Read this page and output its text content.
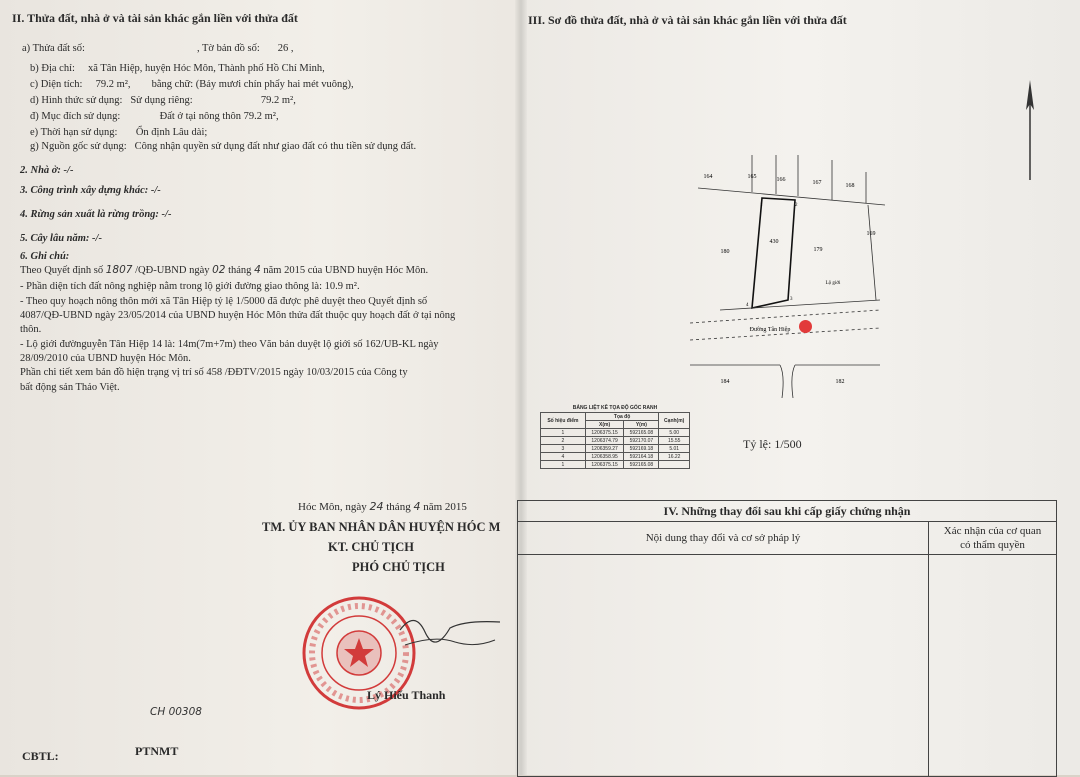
II. Thửa đất, nhà ở và tài sản khác gắn liền với thửa đất
a) Thửa đất số:	, Tờ bản đồ số: 26 ,
b) Địa chỉ: xã Tân Hiệp, huyện Hóc Môn, Thành phố Hồ Chí Minh,
c) Diện tích: 79.2 m², bằng chữ: (Bảy mươi chín phẩy hai mét vuông),
d) Hình thức sử dụng: Sử dụng riêng:	79.2 m²,
đ) Mục đích sử dụng:	Đất ở tại nông thôn 79.2 m²,
e) Thời hạn sử dụng: Ổn định Lâu dài;
g) Nguồn gốc sử dụng: Công nhận quyền sử dụng đất như giao đất có thu tiền sử dụng đất.
2. Nhà ở: -/-
3. Công trình xây dựng khác: -/-
4. Rừng sản xuất là rừng trồng: -/-
5. Cây lâu năm: -/-
6. Ghi chú:
Theo Quyết định số 1807 /QĐ-UBND ngày 02 tháng 4 năm 2015 của UBND huyện Hóc Môn.
- Phần diện tích đất nông nghiệp nằm trong lộ giới đường giao thông là: 10.9 m².
- Theo quy hoạch nông thôn mới xã Tân Hiệp tỷ lệ 1/5000 đã được phê duyệt theo Quyết định số
4087/QĐ-UBND ngày 23/05/2014 của UBND huyện Hóc Môn thửa đất thuộc quy hoạch đất ở tại nông
thôn.
- Lộ giới đườnguyễn Tân Hiệp 14 là: 14m(7m+7m) theo Văn bản duyệt lộ giới số 162/UB-KL ngày
28/09/2010 của UBND huyện Hóc Môn.
Phần chi tiết xem bản đồ hiện trạng vị trí số 458 /ĐĐTV/2015 ngày 10/03/2015 của Công ty
bất động sản Thảo Việt.
Hóc Môn, ngày 24 tháng 4 năm 2015
TM. ỦY BAN NHÂN DÂN HUYỆN HÓC M
KT. CHỦ TỊCH
PHÓ CHỦ TỊCH
Lý Hiếu Thanh
CH 00308
CBTL:	PTNMT
III. Sơ đồ thửa đất, nhà ở và tài sản khác gắn liền với thửa đất
164	165	166	167	168
430
180	179
169
184	182
Đường Tân Hiệp
Lộ giới
1	2
3
4
BẢNG LIỆT KÊ TỌA ĐỘ GÓC RANH
Số hiệu điểm	Tọa độ		Cạnh(m)
	X(m)	Y(m)	
1	1206375.15	592165.08	5.00
2	1206374.79	592170.07	15.55
3	1206359.27	592169.18	5.01
4	1206358.95	592164.18	16.22
1	1206375.15	592165.08	
Tỷ lệ: 1/500
IV. Những thay đổi sau khi cấp giấy chứng nhận
Nội dung thay đổi và cơ sở pháp lý
Xác nhận của cơ quan
có thẩm quyền
